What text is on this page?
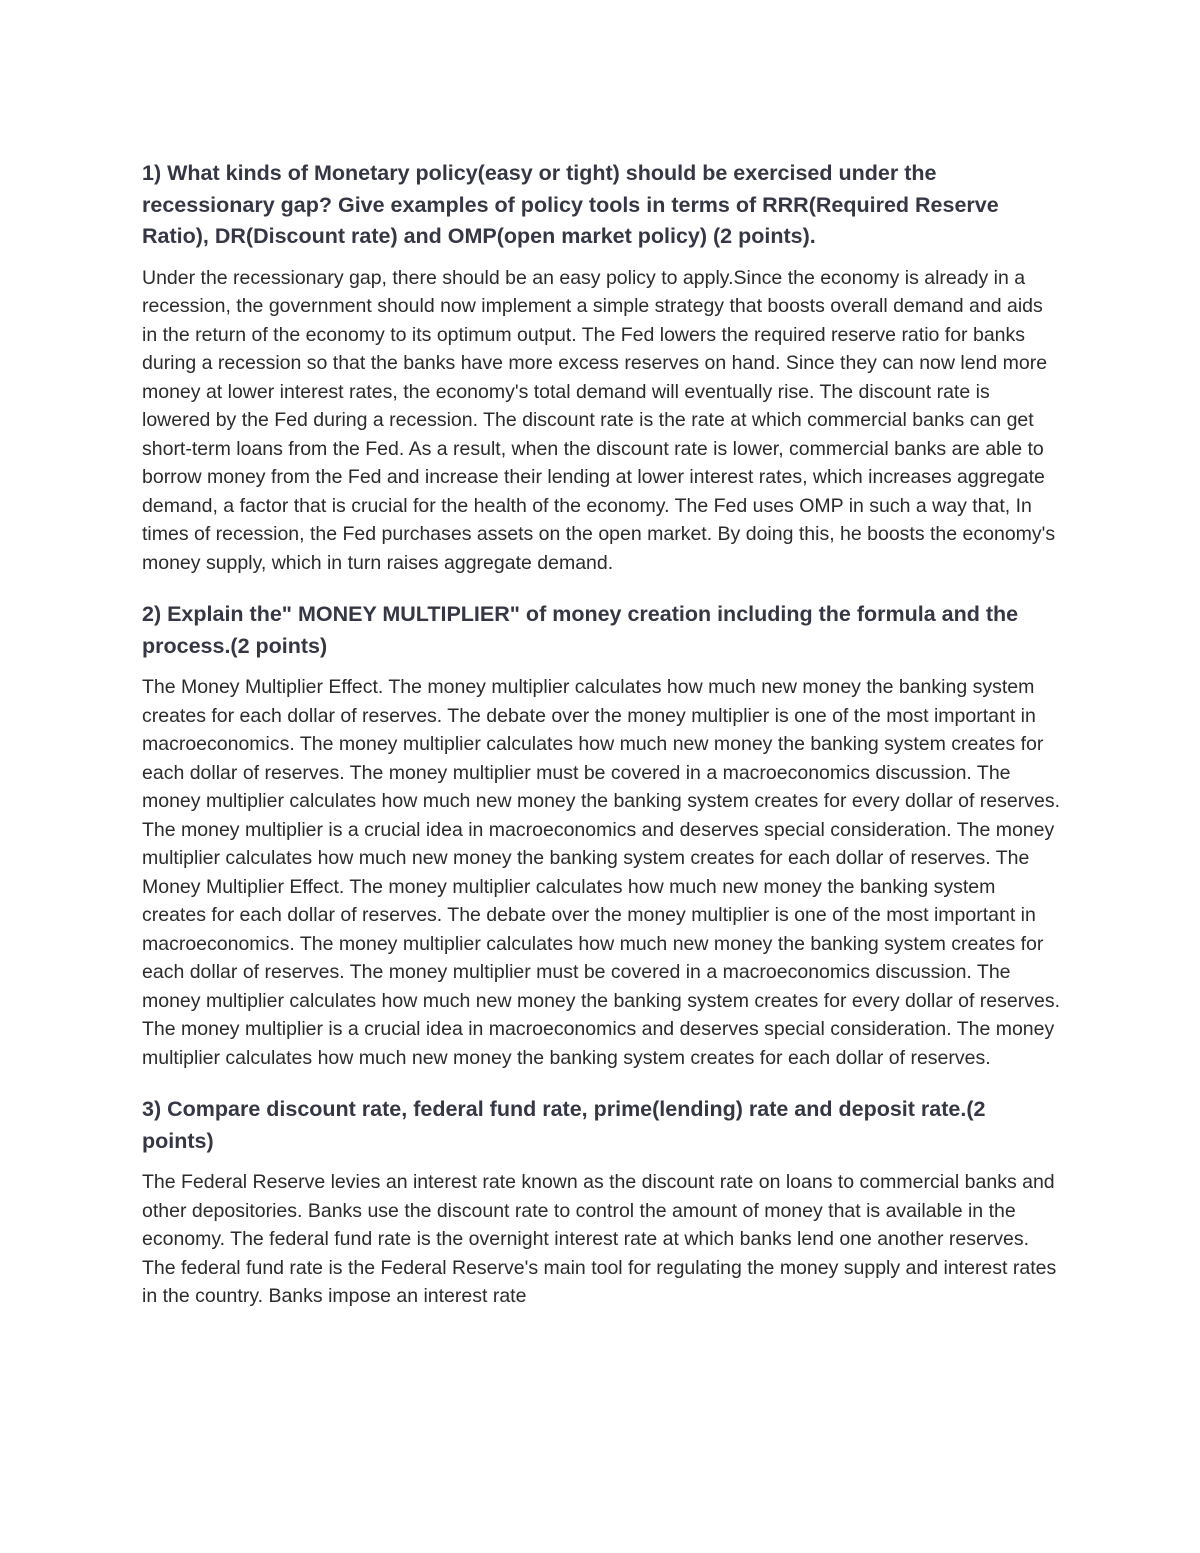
1) What kinds of Monetary policy(easy or tight) should be exercised under the recessionary gap? Give examples of policy tools in terms of RRR(Required Reserve Ratio), DR(Discount rate) and OMP(open market policy) (2 points).

Under the recessionary gap, there should be an easy policy to apply.Since the economy is already in a recession, the government should now implement a simple strategy that boosts overall demand and aids in the return of the economy to its optimum output. The Fed lowers the required reserve ratio for banks during a recession so that the banks have more excess reserves on hand. Since they can now lend more money at lower interest rates, the economy's total demand will eventually rise. The discount rate is lowered by the Fed during a recession. The discount rate is the rate at which commercial banks can get short-term loans from the Fed. As a result, when the discount rate is lower, commercial banks are able to borrow money from the Fed and increase their lending at lower interest rates, which increases aggregate demand, a factor that is crucial for the health of the economy. The Fed uses OMP in such a way that, In times of recession, the Fed purchases assets on the open market. By doing this, he boosts the economy's money supply, which in turn raises aggregate demand.

2) Explain the" MONEY MULTIPLIER" of money creation including the formula and the process.(2 points)

The Money Multiplier Effect. The money multiplier calculates how much new money the banking system creates for each dollar of reserves. The debate over the money multiplier is one of the most important in macroeconomics. The money multiplier calculates how much new money the banking system creates for each dollar of reserves. The money multiplier must be covered in a macroeconomics discussion. The money multiplier calculates how much new money the banking system creates for every dollar of reserves. The money multiplier is a crucial idea in macroeconomics and deserves special consideration. The money multiplier calculates how much new money the banking system creates for each dollar of reserves. The Money Multiplier Effect. The money multiplier calculates how much new money the banking system creates for each dollar of reserves. The debate over the money multiplier is one of the most important in macroeconomics. The money multiplier calculates how much new money the banking system creates for each dollar of reserves. The money multiplier must be covered in a macroeconomics discussion. The money multiplier calculates how much new money the banking system creates for every dollar of reserves. The money multiplier is a crucial idea in macroeconomics and deserves special consideration. The money multiplier calculates how much new money the banking system creates for each dollar of reserves.

3) Compare discount rate, federal fund rate, prime(lending) rate and deposit rate.(2 points)

The Federal Reserve levies an interest rate known as the discount rate on loans to commercial banks and other depositories. Banks use the discount rate to control the amount of money that is available in the economy. The federal fund rate is the overnight interest rate at which banks lend one another reserves. The federal fund rate is the Federal Reserve's main tool for regulating the money supply and interest rates in the country. Banks impose an interest rate
